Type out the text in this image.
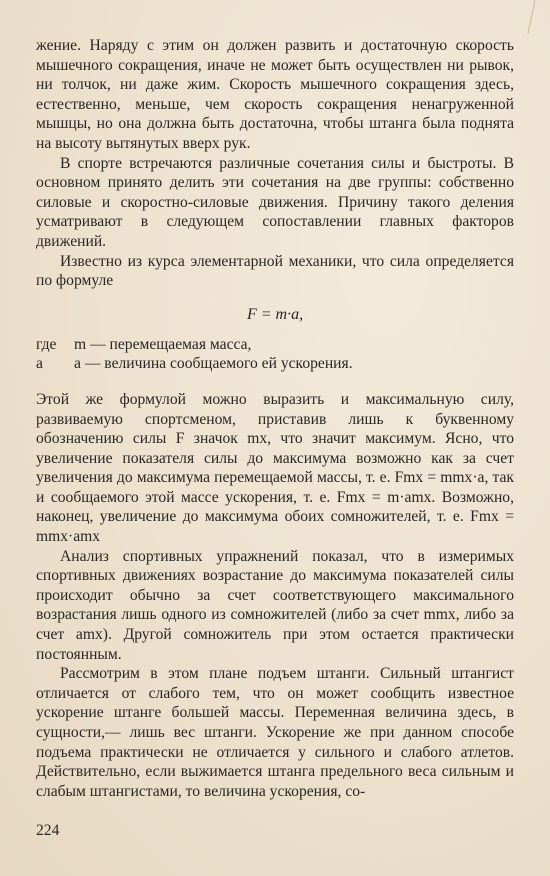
жение. Наряду с этим он должен развить и достаточную скорость мышечного сокращения, иначе не может быть осуществлен ни рывок, ни толчок, ни даже жим. Скорость мышечного сокращения здесь, естественно, меньше, чем скорость сокращения ненагруженной мышцы, но она должна быть достаточна, чтобы штанга была поднята на высоту вытянутых вверх рук.

В спорте встречаются различные сочетания силы и быстроты. В основном принято делить эти сочетания на две группы: собственно силовые и скоростно-силовые движения. Причину такого деления усматривают в следующем сопоставлении главных факторов движений.

Известно из курса элементарной механики, что сила определяется по формуле

F = m·a,
где	m — перемещаемая масса,
а	a — величина сообщаемого ей ускорения.

Этой же формулой можно выразить и максимальную силу, развиваемую спортсменом, приставив лишь к буквенному обозначению силы F значок mx, что значит максимум. Ясно, что увеличение показателя силы до максимума возможно как за счет увеличения до максимума перемещаемой массы, т. е. Fmx = mmx·a, так и сообщаемого этой массе ускорения, т. е. Fmx = m·amx. Возможно, наконец, увеличение до максимума обоих сомножителей, т. е. Fmx = mmx·amx

Анализ спортивных упражнений показал, что в измеримых спортивных движениях возрастание до максимума показателей силы происходит обычно за счет соответствующего максимального возрастания лишь одного из сомножителей (либо за счет mmx, либо за счет amx). Другой сомножитель при этом остается практически постоянным.

Рассмотрим в этом плане подъем штанги. Сильный штангист отличается от слабого тем, что он может сообщить известное ускорение штанге большей массы. Переменная величина здесь, в сущности,— лишь вес штанги. Ускорение же при данном способе подъема практически не отличается у сильного и слабого атлетов. Действительно, если выжимается штанга предельного веса сильным и слабым штангистами, то величина ускорения, со-

224
